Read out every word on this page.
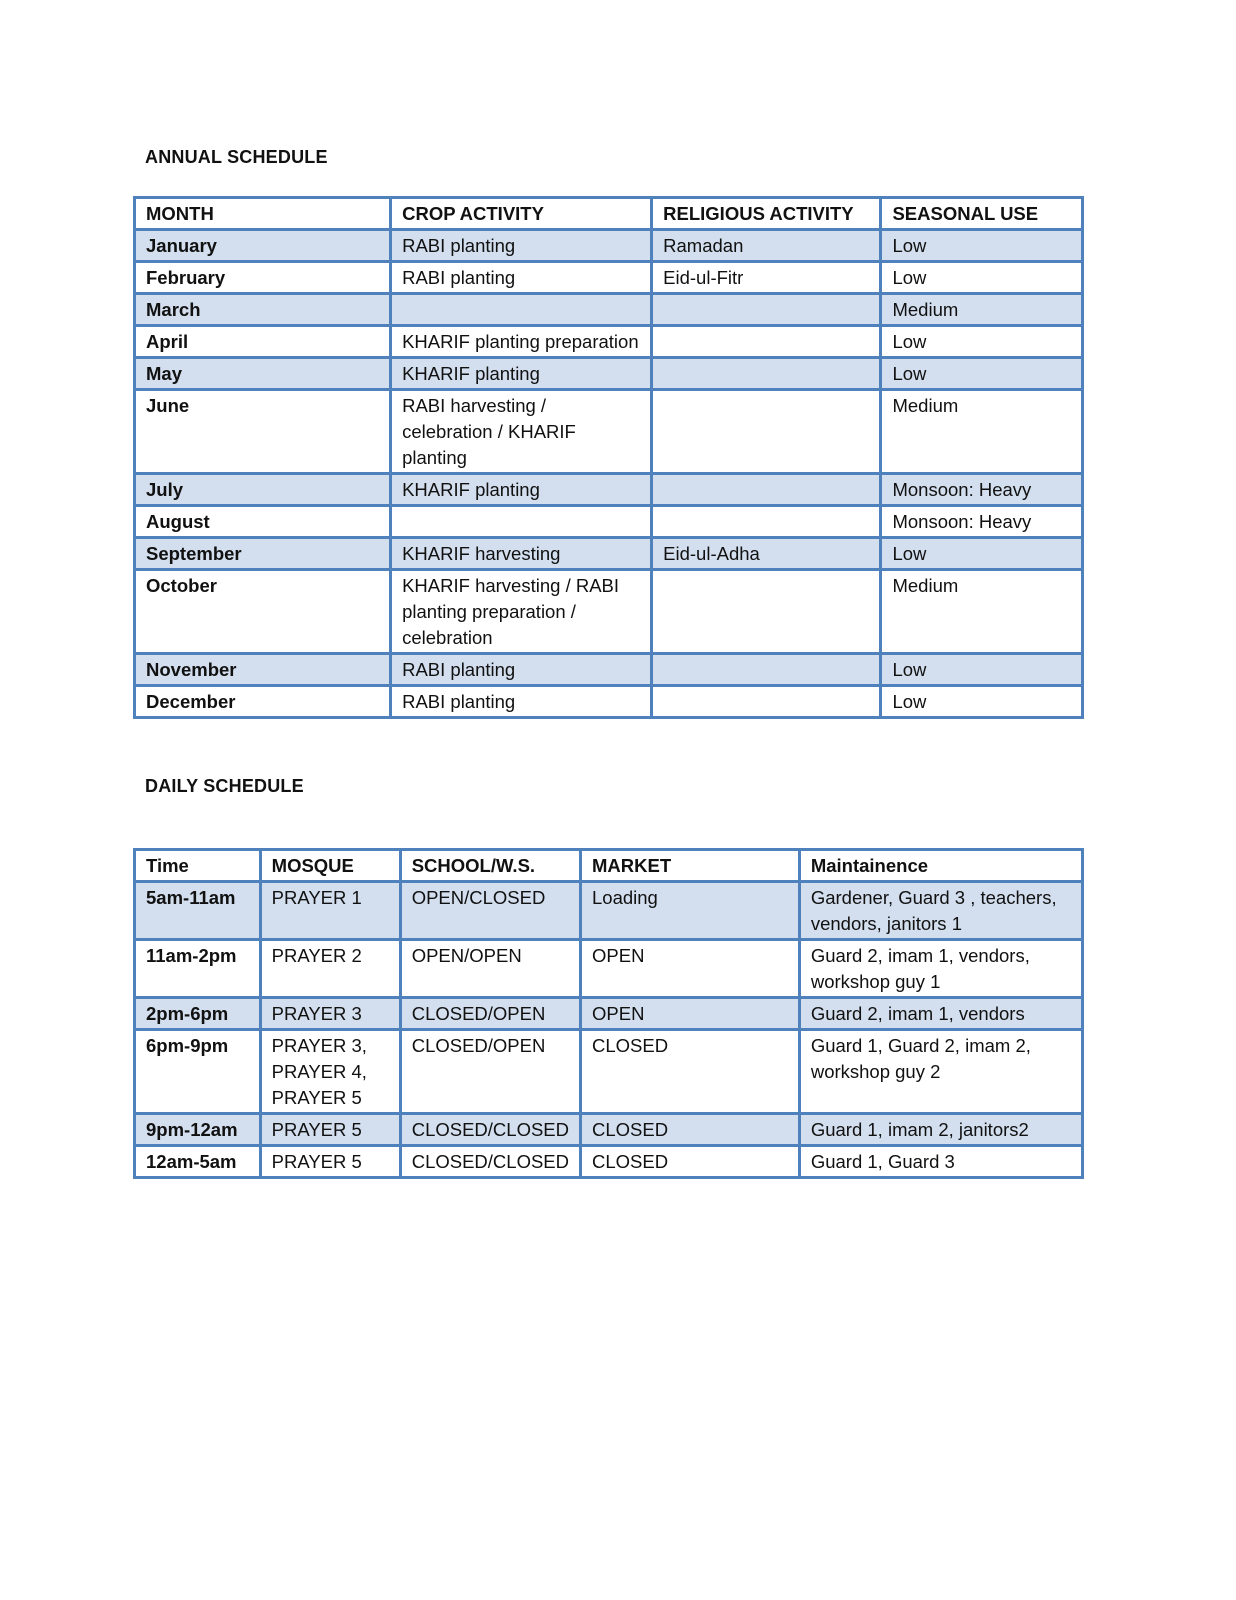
ANNUAL SCHEDULE
MONTH	CROP ACTIVITY	RELIGIOUS ACTIVITY	SEASONAL USE
January	RABI planting	Ramadan	Low
February	RABI planting	Eid-ul-Fitr	Low
March			Medium
April	KHARIF planting preparation		Low
May	KHARIF planting		Low
June	RABI harvesting / celebration / KHARIF planting		Medium
July	KHARIF planting		Monsoon: Heavy
August			Monsoon: Heavy
September	KHARIF harvesting	Eid-ul-Adha	Low
October	KHARIF harvesting / RABI planting preparation / celebration		Medium
November	RABI planting		Low
December	RABI planting		Low
DAILY SCHEDULE
Time	MOSQUE	SCHOOL/W.S.	MARKET	Maintainence
5am-11am	PRAYER 1	OPEN/CLOSED	Loading	Gardener, Guard 3 , teachers, vendors, janitors 1
11am-2pm	PRAYER 2	OPEN/OPEN	OPEN	Guard 2, imam 1, vendors, workshop guy 1
2pm-6pm	PRAYER 3	CLOSED/OPEN	OPEN	Guard 2, imam 1, vendors
6pm-9pm	PRAYER 3, PRAYER 4, PRAYER 5	CLOSED/OPEN	CLOSED	Guard 1, Guard 2, imam 2, workshop guy 2
9pm-12am	PRAYER 5	CLOSED/CLOSED	CLOSED	Guard 1, imam 2, janitors2
12am-5am	PRAYER 5	CLOSED/CLOSED	CLOSED	Guard 1, Guard 3
